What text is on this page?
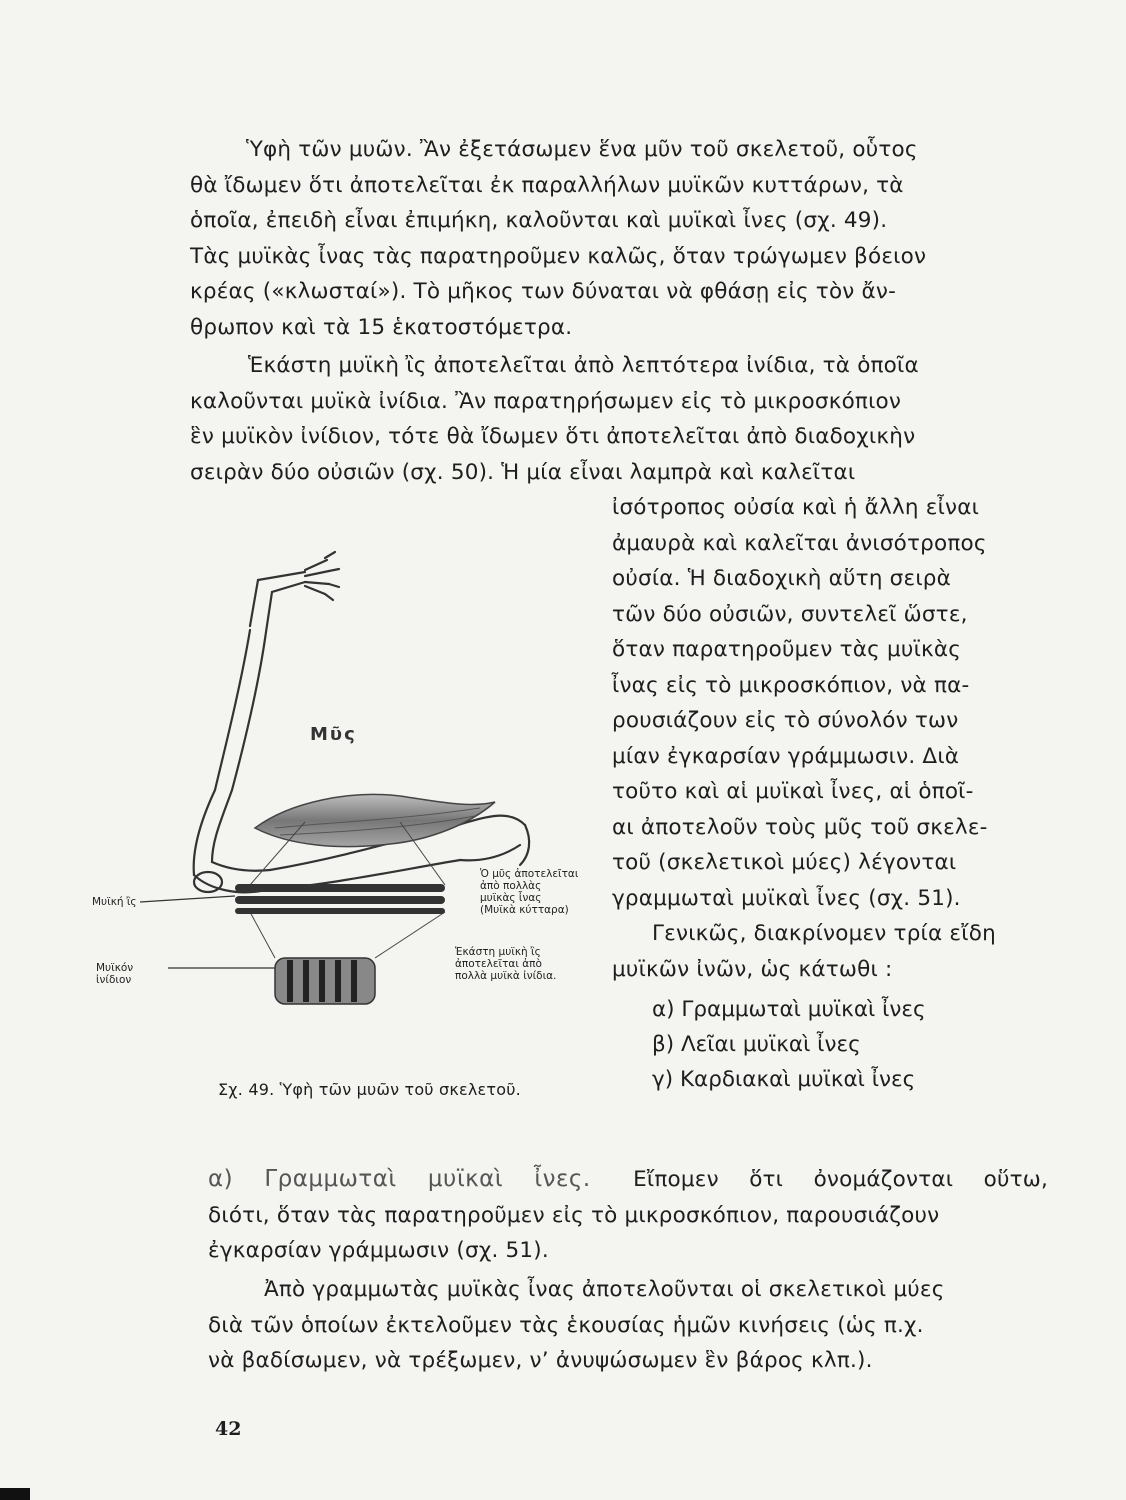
Ὑφὴ τῶν μυῶν. Ἂν ἐξετάσωμεν ἕνα μῦν τοῦ σκελετοῦ, οὗτος
θὰ ἴδωμεν ὅτι ἀποτελεῖται ἐκ παραλλήλων μυϊκῶν κυττάρων, τὰ
ὁποῖα, ἐπειδὴ εἶναι ἐπιμήκη, καλοῦνται καὶ μυϊκαὶ ἶνες (σχ. 49).
Τὰς μυϊκὰς ἶνας τὰς παρατηροῦμεν καλῶς, ὅταν τρώγωμεν βόειον
κρέας («κλωσταί»). Τὸ μῆκος των δύναται νὰ φθάσῃ εἰς τὸν ἄν-
θρωπον καὶ τὰ 15 ἑκατοστόμετρα.

Ἑκάστη μυϊκὴ ἲς ἀποτελεῖται ἀπὸ λεπτότερα ἰνίδια, τὰ ὁποῖα
καλοῦνται μυϊκὰ ἰνίδια. Ἂν παρατηρήσωμεν εἰς τὸ μικροσκόπιον
ἓν μυϊκὸν ἰνίδιον, τότε θὰ ἴδωμεν ὅτι ἀποτελεῖται ἀπὸ διαδοχικὴν
σειρὰν δύο οὐσιῶν (σχ. 50). Ἡ μία εἶναι λαμπρὰ καὶ καλεῖται

ἰσότροπος οὐσία καὶ ἡ ἄλλη εἶναι
ἀμαυρὰ καὶ καλεῖται ἀνισότροπος
οὐσία. Ἡ διαδοχικὴ αὕτη σειρὰ
τῶν δύο οὐσιῶν, συντελεῖ ὥστε,
ὅταν παρατηροῦμεν τὰς μυϊκὰς
ἶνας εἰς τὸ μικροσκόπιον, νὰ πα-
ρουσιάζουν εἰς τὸ σύνολόν των
μίαν ἐγκαρσίαν γράμμωσιν. Διὰ
τοῦτο καὶ αἱ μυϊκαὶ ἶνες, αἱ ὁποῖ-
αι ἀποτελοῦν τοὺς μῦς τοῦ σκελε-
τοῦ (σκελετικοὶ μύες) λέγονται
γραμμωταὶ μυϊκαὶ ἶνες (σχ. 51).
Γενικῶς, διακρίνομεν τρία εἴδη
μυϊκῶν ἰνῶν, ὡς κάτωθι :

α) Γραμμωταὶ μυϊκαὶ ἶνες
β) Λεῖαι μυϊκαὶ ἶνες
γ) Καρδιακαὶ μυϊκαὶ ἶνες
Μῦς
Μυϊκή ἲς
Μυϊκόν ἰνίδιον
Ὁ μῦς ἀποτελεῖται ἀπὸ πολλὰς μυϊκὰς ἶνας (Μυϊκὰ κύτταρα)
Ἑκάστη μυϊκὴ ἲς ἀποτελεῖται ἀπὸ πολλὰ μυϊκὰ ἰνίδια.
Σχ. 49. Ὑφὴ τῶν μυῶν τοῦ σκελετοῦ.

α) Γραμμωταὶ μυϊκαὶ ἶνες. Εἴπομεν ὅτι ὀνομάζονται οὕτω,
διότι, ὅταν τὰς παρατηροῦμεν εἰς τὸ μικροσκόπιον, παρουσιάζουν
ἐγκαρσίαν γράμμωσιν (σχ. 51).

Ἀπὸ γραμμωτὰς μυϊκὰς ἶνας ἀποτελοῦνται οἱ σκελετικοὶ μύες
διὰ τῶν ὁποίων ἐκτελοῦμεν τὰς ἑκουσίας ἡμῶν κινήσεις (ὡς π.χ.
νὰ βαδίσωμεν, νὰ τρέξωμεν, ν’ ἀνυψώσωμεν ἓν βάρος κλπ.).

42
